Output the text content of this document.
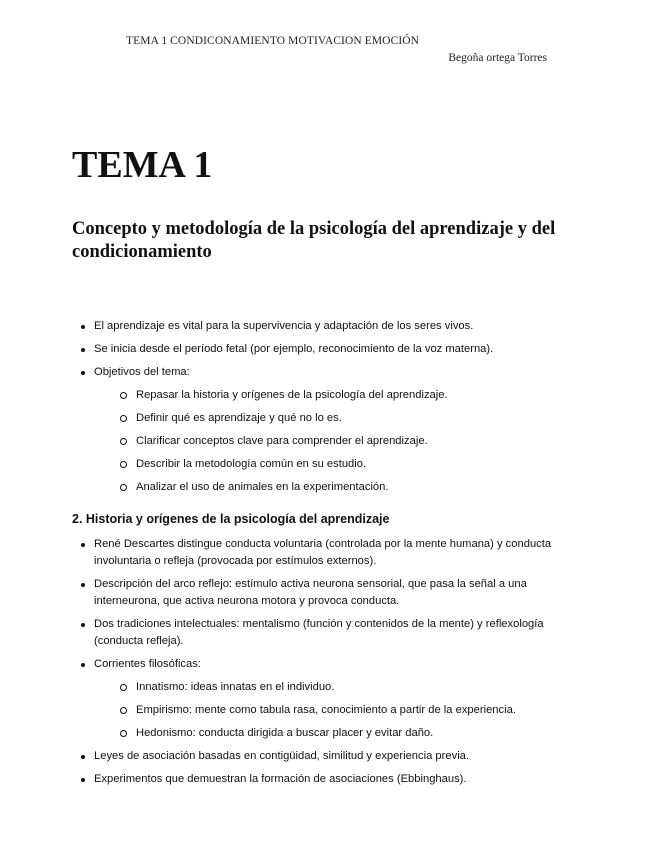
TEMA 1 CONDICONAMIENTO MOTIVACION EMOCIÓN
Begoña ortega Torres
TEMA 1
Concepto y metodología de la psicología del aprendizaje y del condicionamiento
El aprendizaje es vital para la supervivencia y adaptación de los seres vivos.
Se inicia desde el período fetal (por ejemplo, reconocimiento de la voz materna).
Objetivos del tema:
Repasar la historia y orígenes de la psicología del aprendizaje.
Definir qué es aprendizaje y qué no lo es.
Clarificar conceptos clave para comprender el aprendizaje.
Describir la metodología común en su estudio.
Analizar el uso de animales en la experimentación.
2. Historia y orígenes de la psicología del aprendizaje
René Descartes distingue conducta voluntaria (controlada por la mente humana) y conducta involuntaria o refleja (provocada por estímulos externos).
Descripción del arco reflejo: estímulo activa neurona sensorial, que pasa la señal a una interneurona, que activa neurona motora y provoca conducta.
Dos tradiciones intelectuales: mentalismo (función y contenidos de la mente) y reflexología (conducta refleja).
Corrientes filosóficas:
Innatismo: ideas innatas en el individuo.
Empirismo: mente como tabula rasa, conocimiento a partir de la experiencia.
Hedonismo: conducta dirigida a buscar placer y evitar daño.
Leyes de asociación basadas en contigüidad, similitud y experiencia previa.
Experimentos que demuestran la formación de asociaciones (Ebbinghaus).
